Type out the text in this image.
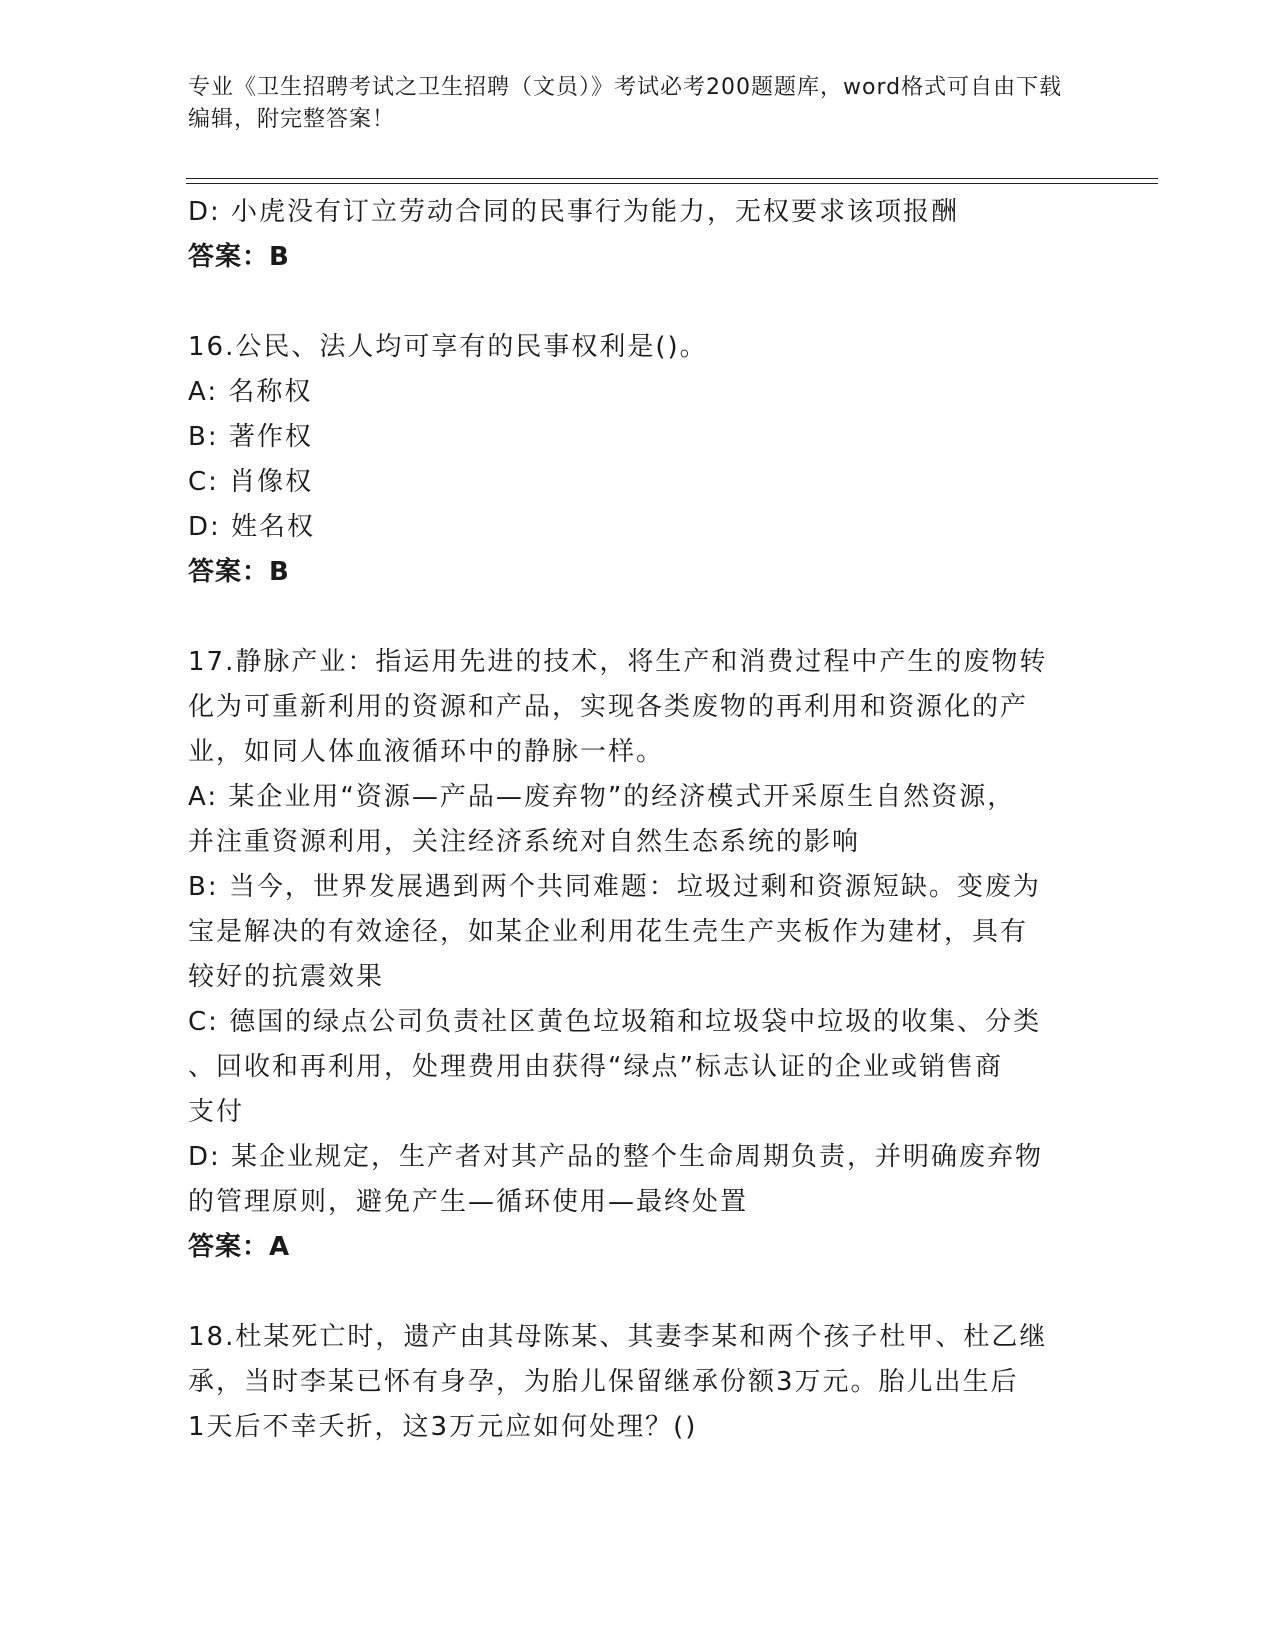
专业《卫生招聘考试之卫生招聘（文员）》考试必考200题题库，word格式可自由下载编辑，附完整答案！
D: 小虎没有订立劳动合同的民事行为能力，无权要求该项报酬
答案：B
16.公民、法人均可享有的民事权利是()。
A: 名称权
B: 著作权
C: 肖像权
D: 姓名权
答案：B
17.静脉产业：指运用先进的技术，将生产和消费过程中产生的废物转
化为可重新利用的资源和产品，实现各类废物的再利用和资源化的产
业，如同人体血液循环中的静脉一样。
A: 某企业用“资源—产品—废弃物”的经济模式开采原生自然资源，
并注重资源利用，关注经济系统对自然生态系统的影响
B: 当今，世界发展遇到两个共同难题：垃圾过剩和资源短缺。变废为
宝是解决的有效途径，如某企业利用花生壳生产夹板作为建材，具有
较好的抗震效果
C: 德国的绿点公司负责社区黄色垃圾箱和垃圾袋中垃圾的收集、分类
、回收和再利用，处理费用由获得“绿点”标志认证的企业或销售商
支付
D: 某企业规定，生产者对其产品的整个生命周期负责，并明确废弃物
的管理原则，避免产生—循环使用—最终处置
答案：A
18.杜某死亡时，遗产由其母陈某、其妻李某和两个孩子杜甲、杜乙继
承，当时李某已怀有身孕，为胎儿保留继承份额3万元。胎儿出生后
1天后不幸夭折，这3万元应如何处理？()
